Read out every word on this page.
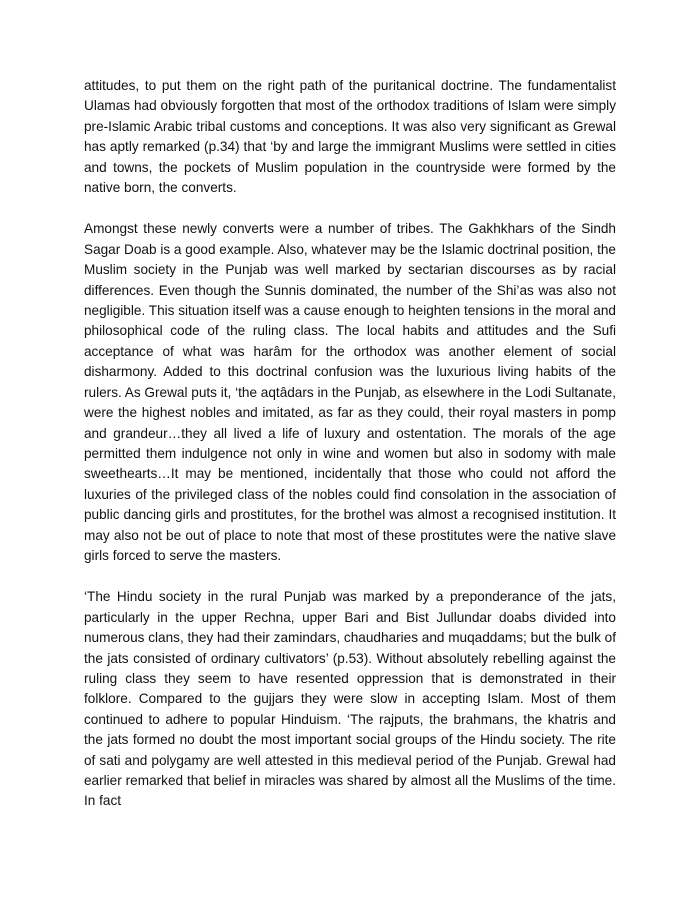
attitudes, to put them on the right path of the puritanical doctrine. The fundamentalist Ulamas had obviously forgotten that most of the orthodox traditions of Islam were simply pre-Islamic Arabic tribal customs and conceptions. It was also very significant as Grewal has aptly remarked (p.34) that ‘by and large the immigrant Muslims were settled in cities and towns, the pockets of Muslim population in the countryside were formed by the native born, the converts.

Amongst these newly converts were a number of tribes. The Gakhkhars of the Sindh Sagar Doab is a good example. Also, whatever may be the Islamic doctrinal position, the Muslim society in the Punjab was well marked by sectarian discourses as by racial differences. Even though the Sunnis dominated, the number of the Shi’as was also not negligible. This situation itself was a cause enough to heighten tensions in the moral and philosophical code of the ruling class. The local habits and attitudes and the Sufi acceptance of what was harâm for the orthodox was another element of social disharmony. Added to this doctrinal confusion was the luxurious living habits of the rulers. As Grewal puts it, ‘the aqtâdars in the Punjab, as elsewhere in the Lodi Sultanate, were the highest nobles and imitated, as far as they could, their royal masters in pomp and grandeur…they all lived a life of luxury and ostentation. The morals of the age permitted them indulgence not only in wine and women but also in sodomy with male sweethearts…It may be mentioned, incidentally that those who could not afford the luxuries of the privileged class of the nobles could find consolation in the association of public dancing girls and prostitutes, for the brothel was almost a recognised institution. It may also not be out of place to note that most of these prostitutes were the native slave girls forced to serve the masters.

‘The Hindu society in the rural Punjab was marked by a preponderance of the jats, particularly in the upper Rechna, upper Bari and Bist Jullundar doabs divided into numerous clans, they had their zamindars, chaudharies and muqaddams; but the bulk of the jats consisted of ordinary cultivators’ (p.53). Without absolutely rebelling against the ruling class they seem to have resented oppression that is demonstrated in their folklore. Compared to the gujjars they were slow in accepting Islam. Most of them continued to adhere to popular Hinduism. ‘The rajputs, the brahmans, the khatris and the jats formed no doubt the most important social groups of the Hindu society. The rite of sati and polygamy are well attested in this medieval period of the Punjab. Grewal had earlier remarked that belief in miracles was shared by almost all the Muslims of the time. In fact
